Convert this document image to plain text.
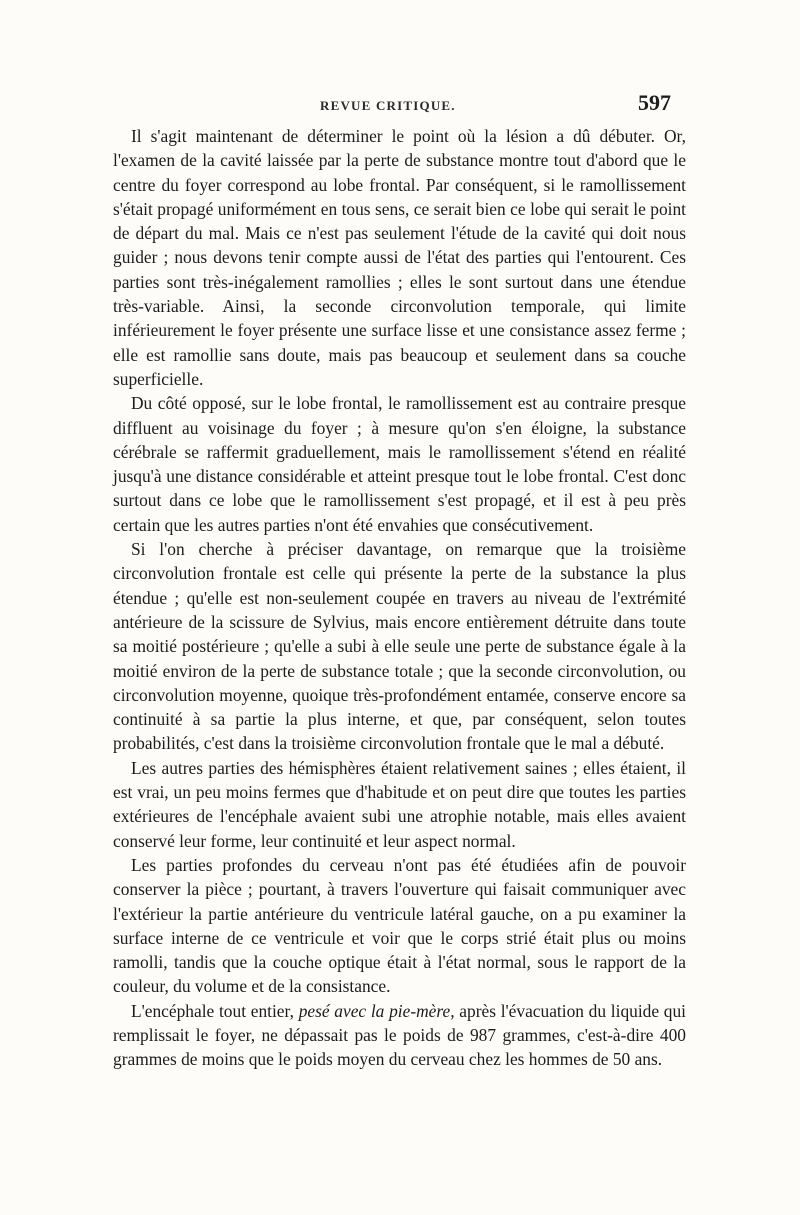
REVUE CRITIQUE.	597

Il s'agit maintenant de déterminer le point où la lésion a dû débuter. Or, l'examen de la cavité laissée par la perte de substance montre tout d'abord que le centre du foyer correspond au lobe frontal. Par conséquent, si le ramollissement s'était propagé uniformément en tous sens, ce serait bien ce lobe qui serait le point de départ du mal. Mais ce n'est pas seulement l'étude de la cavité qui doit nous guider ; nous devons tenir compte aussi de l'état des parties qui l'entourent. Ces parties sont très-inégalement ramollies ; elles le sont surtout dans une étendue très-variable. Ainsi, la seconde circonvolution temporale, qui limite inférieurement le foyer présente une surface lisse et une consistance assez ferme ; elle est ramollie sans doute, mais pas beaucoup et seulement dans sa couche superficielle.

Du côté opposé, sur le lobe frontal, le ramollissement est au contraire presque diffluent au voisinage du foyer ; à mesure qu'on s'en éloigne, la substance cérébrale se raffermit graduellement, mais le ramollissement s'étend en réalité jusqu'à une distance considérable et atteint presque tout le lobe frontal. C'est donc surtout dans ce lobe que le ramollissement s'est propagé, et il est à peu près certain que les autres parties n'ont été envahies que consécutivement.

Si l'on cherche à préciser davantage, on remarque que la troisième circonvolution frontale est celle qui présente la perte de la substance la plus étendue ; qu'elle est non-seulement coupée en travers au niveau de l'extrémité antérieure de la scissure de Sylvius, mais encore entièrement détruite dans toute sa moitié postérieure ; qu'elle a subi à elle seule une perte de substance égale à la moitié environ de la perte de substance totale ; que la seconde circonvolution, ou circonvolution moyenne, quoique très-profondément entamée, conserve encore sa continuité à sa partie la plus interne, et que, par conséquent, selon toutes probabilités, c'est dans la troisième circonvolution frontale que le mal a débuté.

Les autres parties des hémisphères étaient relativement saines ; elles étaient, il est vrai, un peu moins fermes que d'habitude et on peut dire que toutes les parties extérieures de l'encéphale avaient subi une atrophie notable, mais elles avaient conservé leur forme, leur continuité et leur aspect normal.

Les parties profondes du cerveau n'ont pas été étudiées afin de pouvoir conserver la pièce ; pourtant, à travers l'ouverture qui faisait communiquer avec l'extérieur la partie antérieure du ventricule latéral gauche, on a pu examiner la surface interne de ce ventricule et voir que le corps strié était plus ou moins ramolli, tandis que la couche optique était à l'état normal, sous le rapport de la couleur, du volume et de la consistance.

L'encéphale tout entier, pesé avec la pie-mère, après l'évacuation du liquide qui remplissait le foyer, ne dépassait pas le poids de 987 grammes, c'est-à-dire 400 grammes de moins que le poids moyen du cerveau chez les hommes de 50 ans.
